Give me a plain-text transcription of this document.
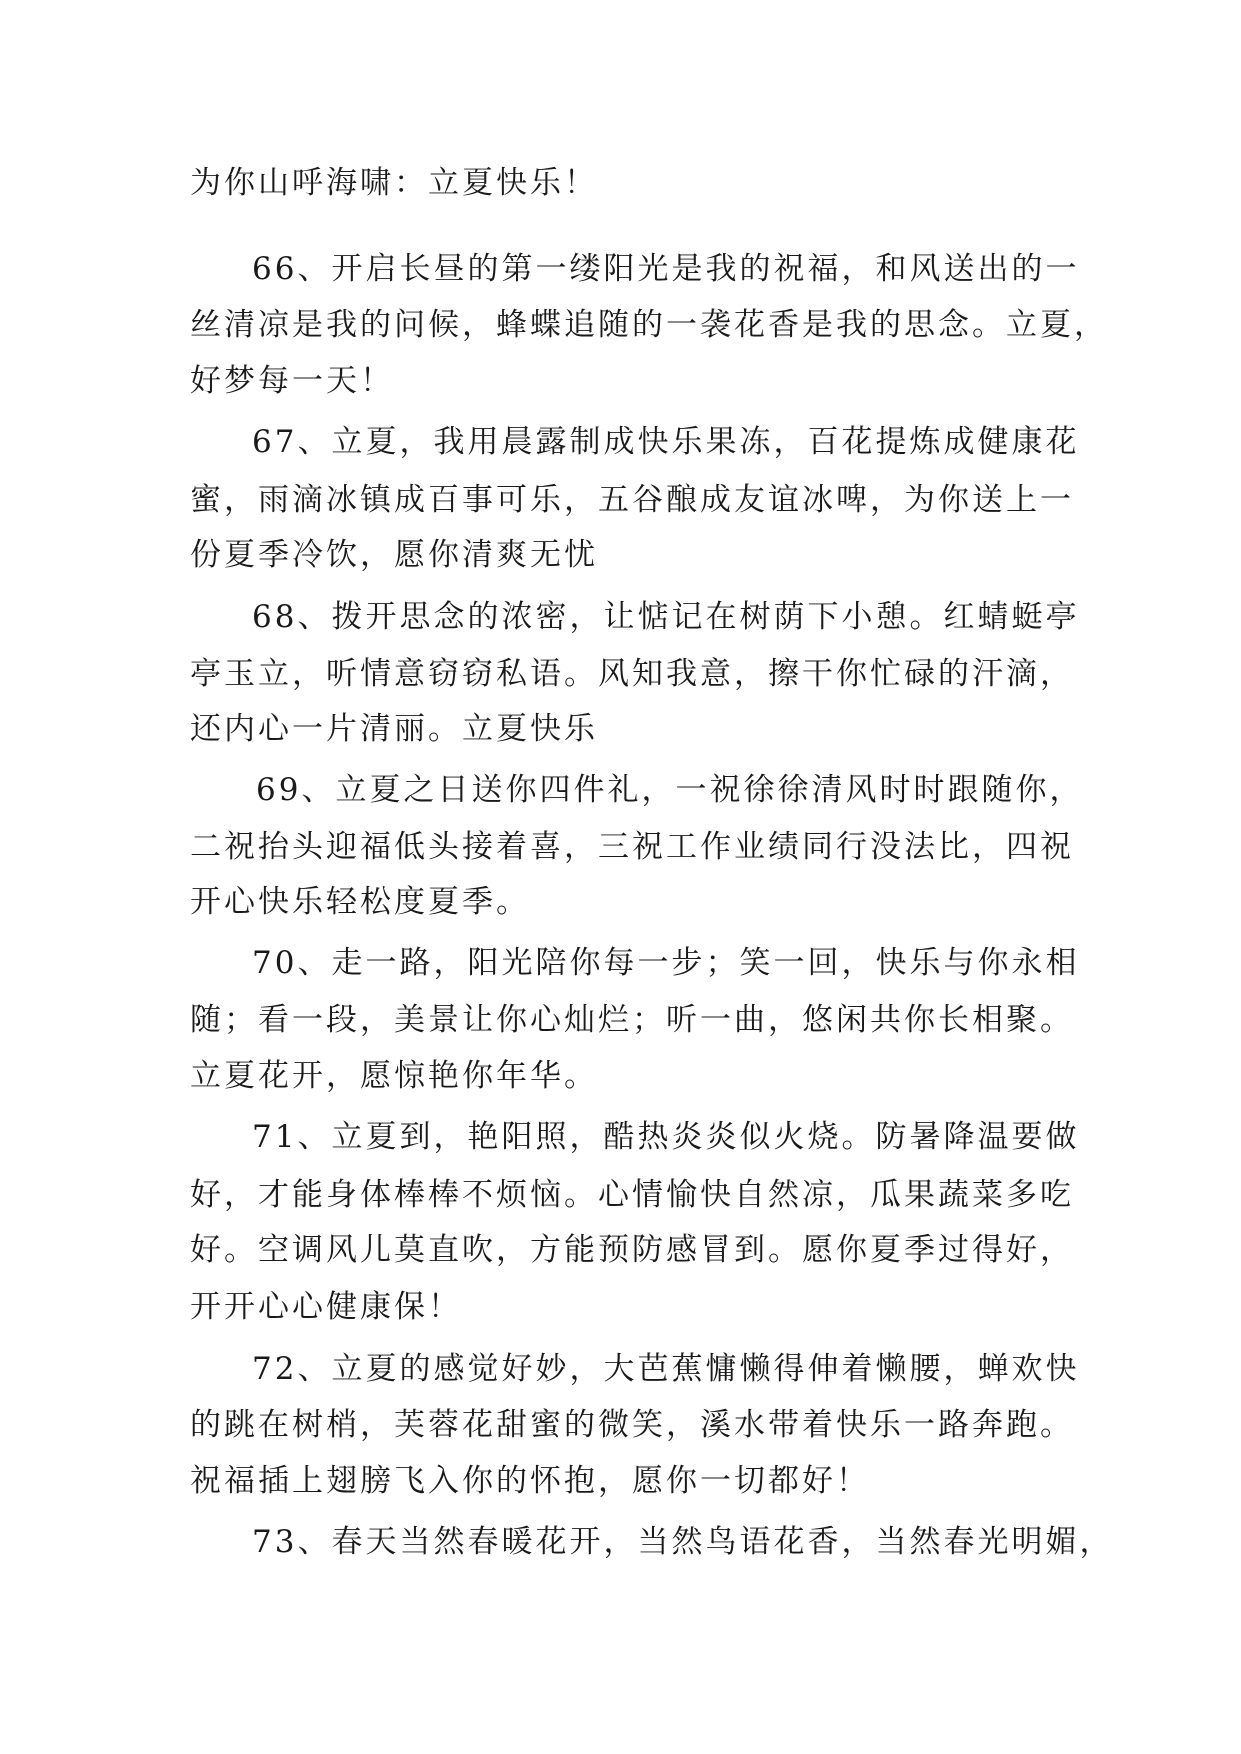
为你山呼海啸：立夏快乐！
66、开启长昼的第一缕阳光是我的祝福，和风送出的一
丝清凉是我的问候，蜂蝶追随的一袭花香是我的思念。立夏，
好梦每一天！
67、立夏，我用晨露制成快乐果冻，百花提炼成健康花
蜜，雨滴冰镇成百事可乐，五谷酿成友谊冰啤，为你送上一
份夏季冷饮，愿你清爽无忧
68、拨开思念的浓密，让惦记在树荫下小憩。红蜻蜓亭
亭玉立，听情意窃窃私语。风知我意，擦干你忙碌的汗滴，
还内心一片清丽。立夏快乐
69、立夏之日送你四件礼，一祝徐徐清风时时跟随你，
二祝抬头迎福低头接着喜，三祝工作业绩同行没法比，四祝
开心快乐轻松度夏季。
70、走一路，阳光陪你每一步；笑一回，快乐与你永相
随；看一段，美景让你心灿烂；听一曲，悠闲共你长相聚。
立夏花开，愿惊艳你年华。
71、立夏到，艳阳照，酷热炎炎似火烧。防暑降温要做
好，才能身体棒棒不烦恼。心情愉快自然凉，瓜果蔬菜多吃
好。空调风儿莫直吹，方能预防感冒到。愿你夏季过得好，
开开心心健康保！
72、立夏的感觉好妙，大芭蕉慵懒得伸着懒腰，蝉欢快
的跳在树梢，芙蓉花甜蜜的微笑，溪水带着快乐一路奔跑。
祝福插上翅膀飞入你的怀抱，愿你一切都好！
73、春天当然春暖花开，当然鸟语花香，当然春光明媚，
